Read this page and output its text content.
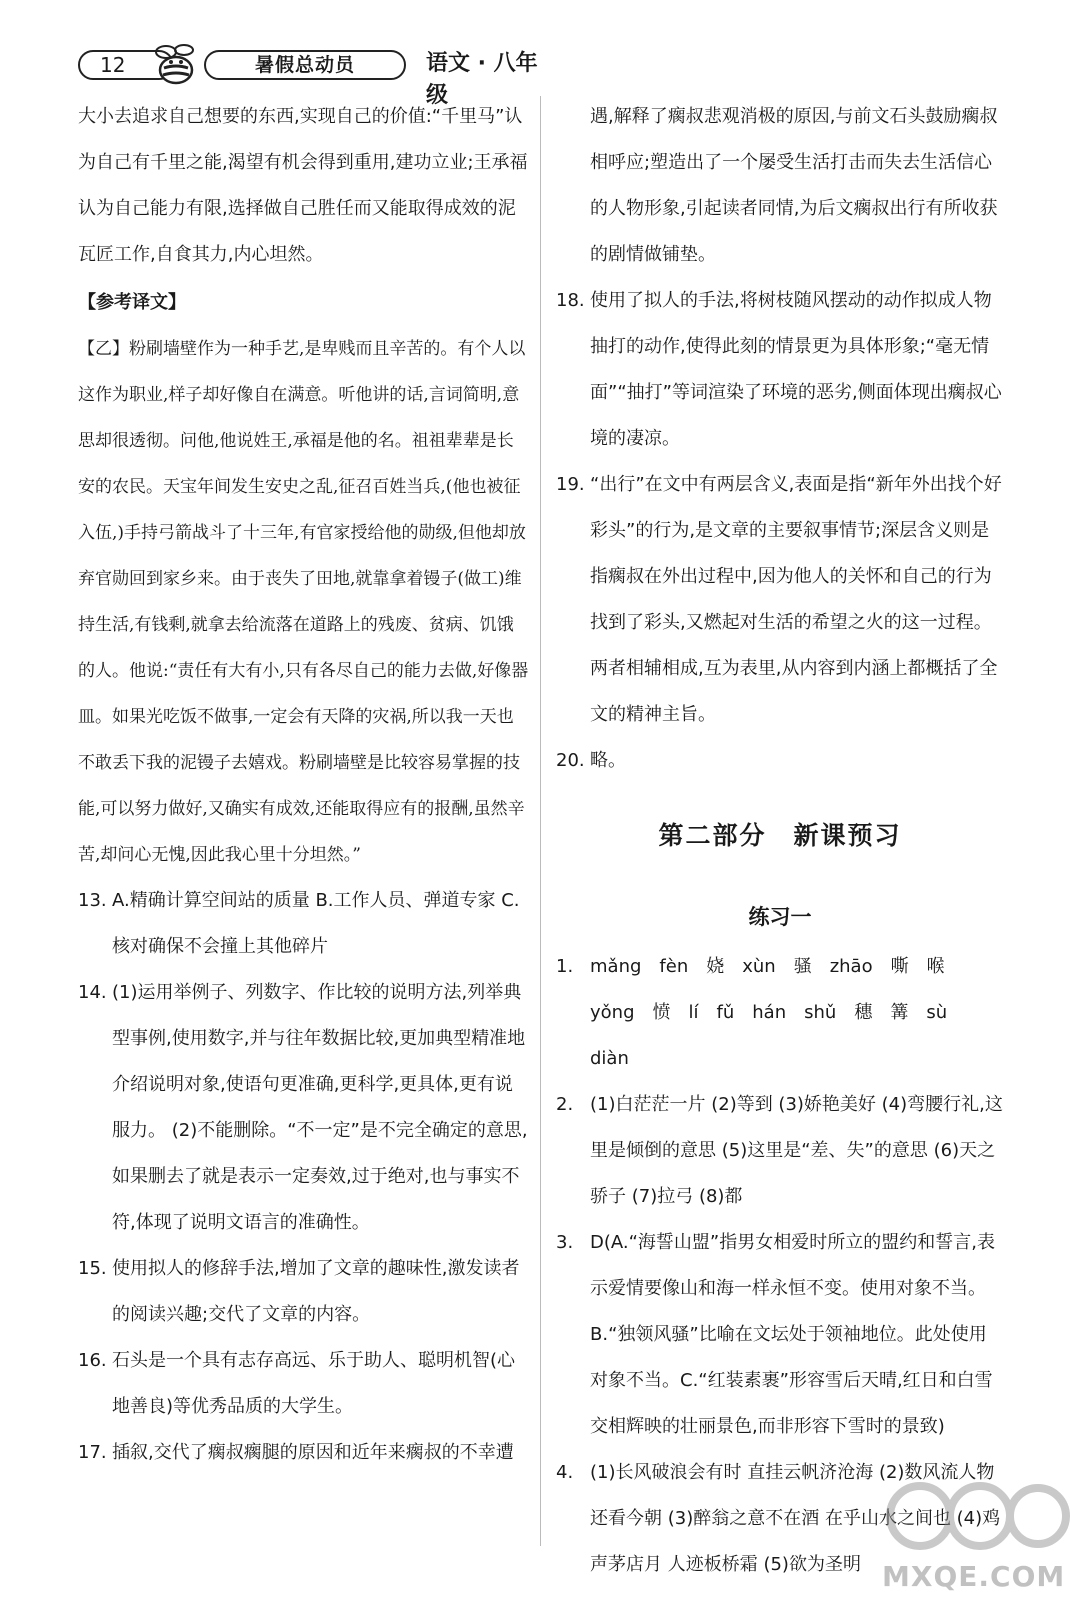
12	暑假总动员	语文 · 八年级

大小去追求自己想要的东西,实现自己的价值:“千里马”认为自己有千里之能,渴望有机会得到重用,建功立业;王承福认为自己能力有限,选择做自己胜任而又能取得成效的泥瓦匠工作,自食其力,内心坦然。

【参考译文】

【乙】粉刷墙壁作为一种手艺,是卑贱而且辛苦的。有个人以这作为职业,样子却好像自在满意。听他讲的话,言词简明,意思却很透彻。问他,他说姓王,承福是他的名。祖祖辈辈是长安的农民。天宝年间发生安史之乱,征召百姓当兵,(他也被征入伍,)手持弓箭战斗了十三年,有官家授给他的勋级,但他却放弃官勋回到家乡来。由于丧失了田地,就靠拿着镘子(做工)维持生活,有钱剩,就拿去给流落在道路上的残废、贫病、饥饿的人。他说:“责任有大有小,只有各尽自己的能力去做,好像器皿。如果光吃饭不做事,一定会有天降的灾祸,所以我一天也不敢丢下我的泥镘子去嬉戏。粉刷墙壁是比较容易掌握的技能,可以努力做好,又确实有成效,还能取得应有的报酬,虽然辛苦,却问心无愧,因此我心里十分坦然。”

13. A.精确计算空间站的质量 B.工作人员、弹道专家 C.核对确保不会撞上其他碎片

14. (1)运用举例子、列数字、作比较的说明方法,列举典型事例,使用数字,并与往年数据比较,更加典型精准地介绍说明对象,使语句更准确,更科学,更具体,更有说服力。 (2)不能删除。“不一定”是不完全确定的意思,如果删去了就是表示一定奏效,过于绝对,也与事实不符,体现了说明文语言的准确性。

15. 使用拟人的修辞手法,增加了文章的趣味性,激发读者的阅读兴趣;交代了文章的内容。

16. 石头是一个具有志存高远、乐于助人、聪明机智(心地善良)等优秀品质的大学生。

17. 插叙,交代了瘸叔瘸腿的原因和近年来瘸叔的不幸遭

遇,解释了瘸叔悲观消极的原因,与前文石头鼓励瘸叔相呼应;塑造出了一个屡受生活打击而失去生活信心的人物形象,引起读者同情,为后文瘸叔出行有所收获的剧情做铺垫。

18. 使用了拟人的手法,将树枝随风摆动的动作拟成人物抽打的动作,使得此刻的情景更为具体形象;“毫无情面”“抽打”等词渲染了环境的恶劣,侧面体现出瘸叔心境的凄凉。

19. “出行”在文中有两层含义,表面是指“新年外出找个好彩头”的行为,是文章的主要叙事情节;深层含义则是指瘸叔在外出过程中,因为他人的关怀和自己的行为找到了彩头,又燃起对生活的希望之火的这一过程。两者相辅相成,互为表里,从内容到内涵上都概括了全文的精神主旨。

20. 略。

第二部分　新课预习

练习一

1. mǎng fèn 娆 xùn 骚 zhāo 嘶 喉yǒng 愤 lí fǔ hán shǔ 穗 篝 sùdiàn

2. (1)白茫茫一片 (2)等到 (3)娇艳美好 (4)弯腰行礼,这里是倾倒的意思 (5)这里是“差、失”的意思 (6)天之骄子 (7)拉弓 (8)都

3. D(A.“海誓山盟”指男女相爱时所立的盟约和誓言,表示爱情要像山和海一样永恒不变。使用对象不当。B.“独领风骚”比喻在文坛处于领袖地位。此处使用对象不当。C.“红装素裹”形容雪后天晴,红日和白雪交相辉映的壮丽景色,而非形容下雪时的景致)

4. (1)长风破浪会有时 直挂云帆济沧海 (2)数风流人物 还看今朝 (3)醉翁之意不在酒 在乎山水之间也 (4)鸡声茅店月 人迹板桥霜 (5)欲为圣明 MXQE.COM
